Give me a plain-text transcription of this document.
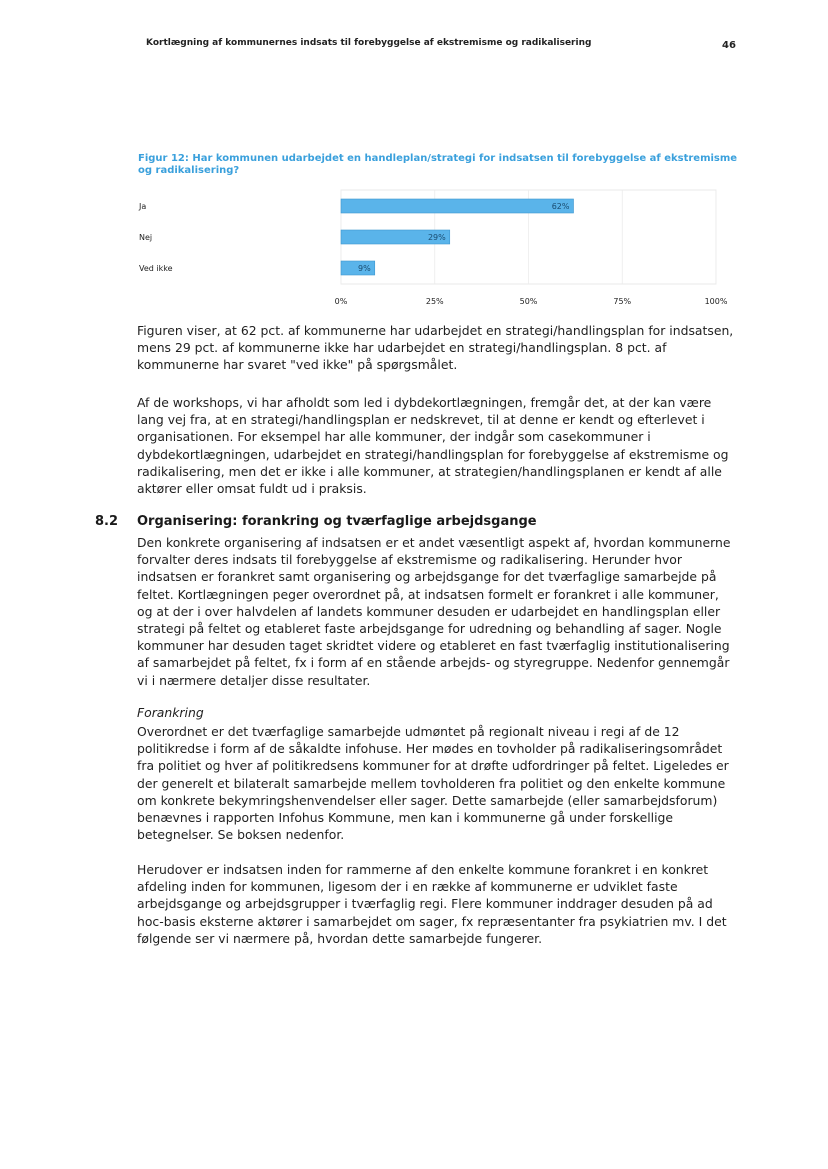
Kortlægning af kommunernes indsats til forebyggelse af ekstremisme og radikalisering	46
Figur 12: Har kommunen udarbejdet en handleplan/strategi for indsatsen til forebyggelse af ekstremisme og radikalisering?
Ja	62%
Nej	29%
Ved ikke	9%
0%	25%	50%	75%	100%
Figuren viser, at 62 pct. af kommunerne har udarbejdet en strategi/handlingsplan for indsatsen, mens 29 pct. af kommunerne ikke har udarbejdet en strategi/handlingsplan. 8 pct. af kommunerne har svaret "ved ikke" på spørgsmålet.
Af de workshops, vi har afholdt som led i dybdekortlægningen, fremgår det, at der kan være lang vej fra, at en strategi/handlingsplan er nedskrevet, til at denne er kendt og efterlevet i organisationen. For eksempel har alle kommuner, der indgår som casekommuner i dybdekortlægningen, udarbejdet en strategi/handlingsplan for forebyggelse af ekstremisme og radikalisering, men det er ikke i alle kommuner, at strategien/handlingsplanen er kendt af alle aktører eller omsat fuldt ud i praksis.
8.2 Organisering: forankring og tværfaglige arbejdsgange
Den konkrete organisering af indsatsen er et andet væsentligt aspekt af, hvordan kommunerne forvalter deres indsats til forebyggelse af ekstremisme og radikalisering. Herunder hvor indsatsen er forankret samt organisering og arbejdsgange for det tværfaglige samarbejde på feltet. Kortlægningen peger overordnet på, at indsatsen formelt er forankret i alle kommuner, og at der i over halvdelen af landets kommuner desuden er udarbejdet en handlingsplan eller strategi på feltet og etableret faste arbejdsgange for udredning og behandling af sager. Nogle kommuner har desuden taget skridtet videre og etableret en fast tværfaglig institutionalisering af samarbejdet på feltet, fx i form af en stående arbejds- og styregruppe. Nedenfor gennemgår vi i nærmere detaljer disse resultater.
Forankring
Overordnet er det tværfaglige samarbejde udmøntet på regionalt niveau i regi af de 12 politikredse i form af de såkaldte infohuse. Her mødes en tovholder på radikaliseringsområdet fra politiet og hver af politikredsens kommuner for at drøfte udfordringer på feltet. Ligeledes er der generelt et bilateralt samarbejde mellem tovholderen fra politiet og den enkelte kommune om konkrete bekymringshenvendelser eller sager. Dette samarbejde (eller samarbejdsforum) benævnes i rapporten Infohus Kommune, men kan i kommunerne gå under forskellige betegnelser. Se boksen nedenfor.
Herudover er indsatsen inden for rammerne af den enkelte kommune forankret i en konkret afdeling inden for kommunen, ligesom der i en række af kommunerne er udviklet faste arbejdsgange og arbejdsgrupper i tværfaglig regi. Flere kommuner inddrager desuden på ad hoc-basis eksterne aktører i samarbejdet om sager, fx repræsentanter fra psykiatrien mv. I det følgende ser vi nærmere på, hvordan dette samarbejde fungerer.
